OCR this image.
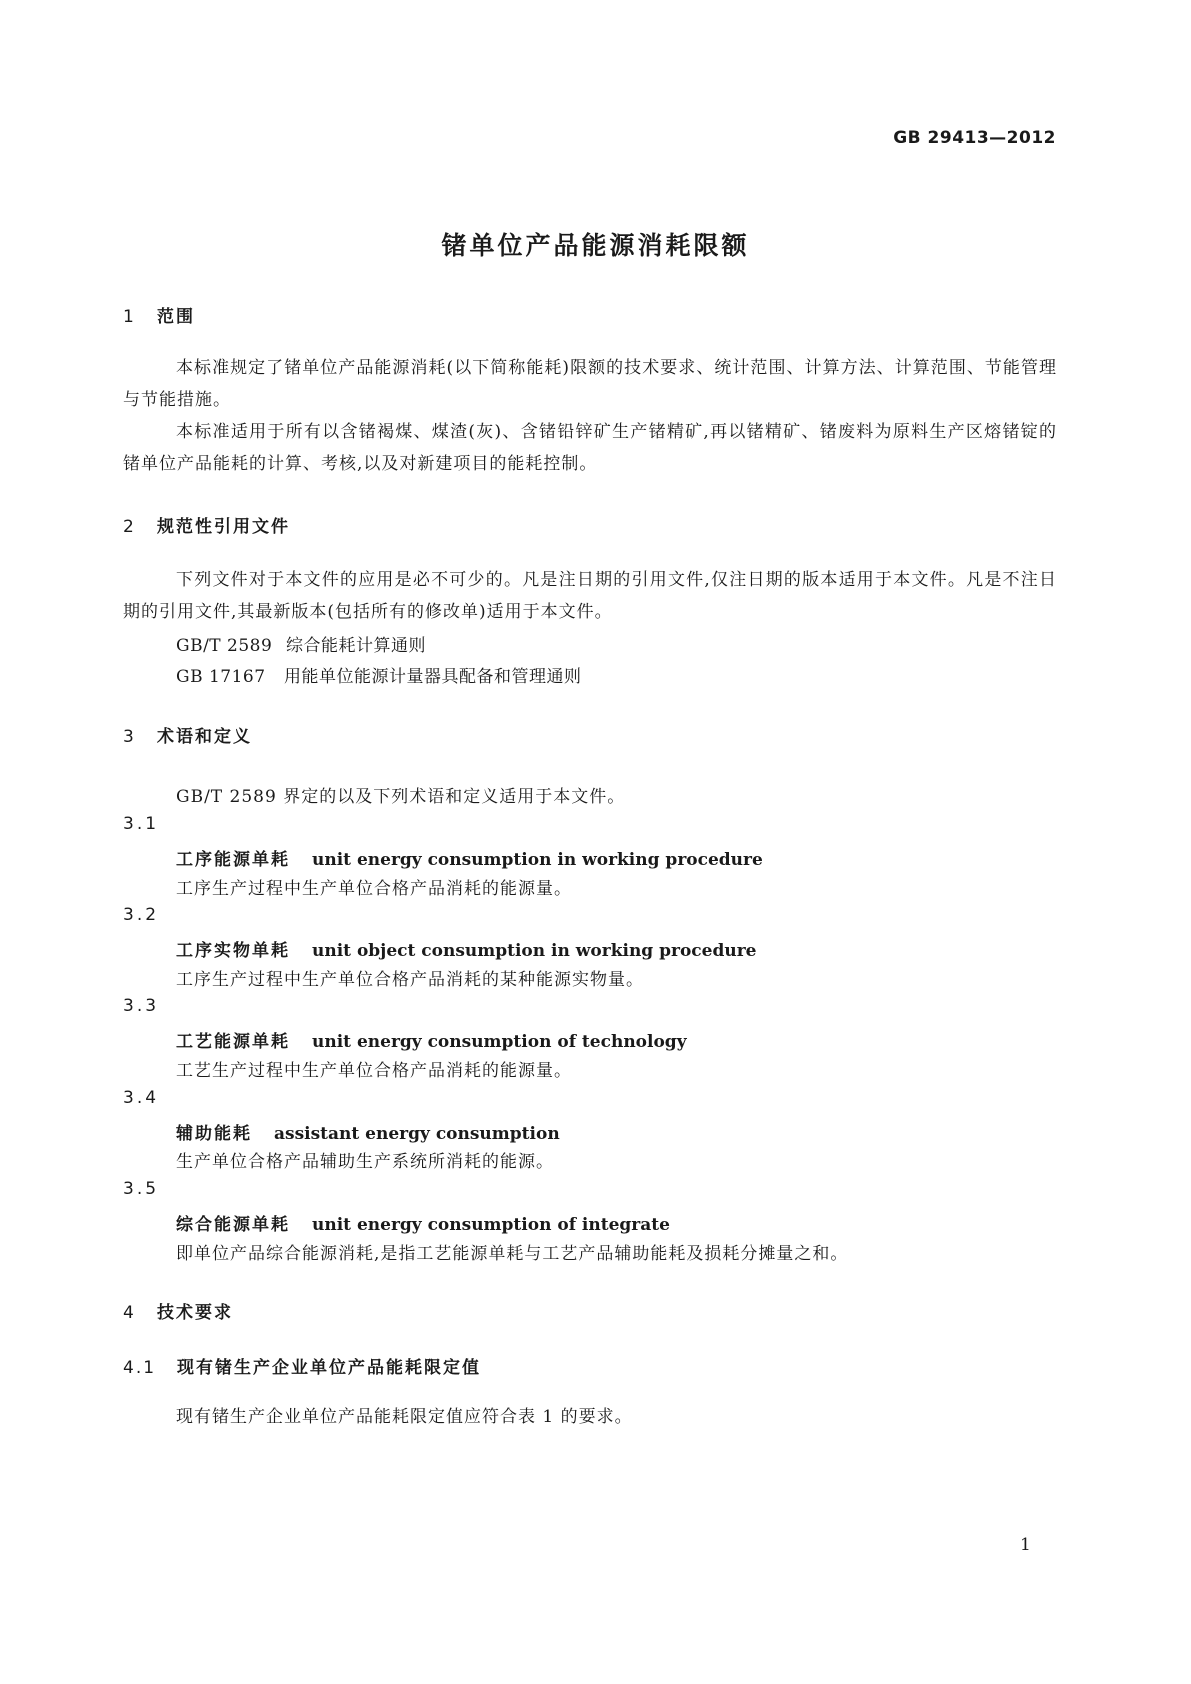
GB 29413—2012
锗单位产品能源消耗限额
1 范围
本标准规定了锗单位产品能源消耗(以下简称能耗)限额的技术要求、统计范围、计算方法、计算范围、节能管理与节能措施。
本标准适用于所有以含锗褐煤、煤渣(灰)、含锗铅锌矿生产锗精矿,再以锗精矿、锗废料为原料生产区熔锗锭的锗单位产品能耗的计算、考核,以及对新建项目的能耗控制。
2 规范性引用文件
下列文件对于本文件的应用是必不可少的。凡是注日期的引用文件,仅注日期的版本适用于本文件。凡是不注日期的引用文件,其最新版本(包括所有的修改单)适用于本文件。
GB/T 2589 综合能耗计算通则
GB 17167 用能单位能源计量器具配备和管理通则
3 术语和定义
GB/T 2589 界定的以及下列术语和定义适用于本文件。
3.1
工序能源单耗 unit energy consumption in working procedure
工序生产过程中生产单位合格产品消耗的能源量。
3.2
工序实物单耗 unit object consumption in working procedure
工序生产过程中生产单位合格产品消耗的某种能源实物量。
3.3
工艺能源单耗 unit energy consumption of technology
工艺生产过程中生产单位合格产品消耗的能源量。
3.4
辅助能耗 assistant energy consumption
生产单位合格产品辅助生产系统所消耗的能源。
3.5
综合能源单耗 unit energy consumption of integrate
即单位产品综合能源消耗,是指工艺能源单耗与工艺产品辅助能耗及损耗分摊量之和。
4 技术要求
4.1 现有锗生产企业单位产品能耗限定值
现有锗生产企业单位产品能耗限定值应符合表 1 的要求。
1
